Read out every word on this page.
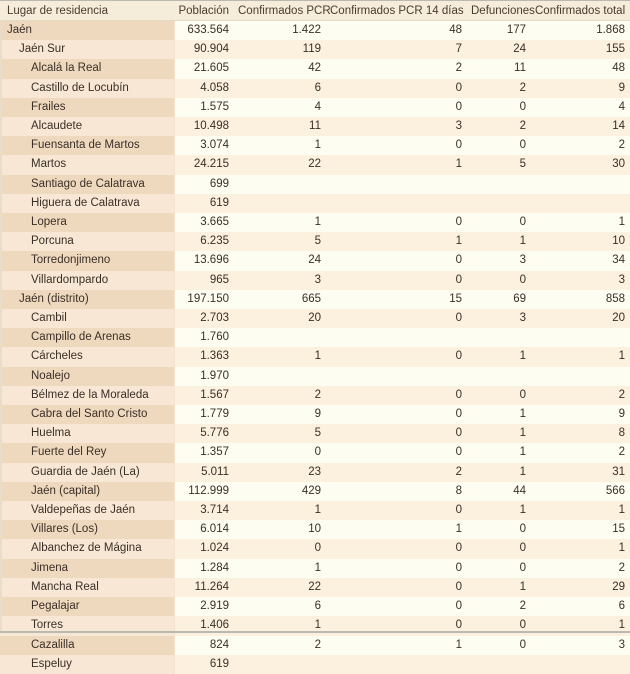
Lugar de residencia	Población	Confirmados PCR	Confirmados PCR 14 días	Defunciones	Confirmados total
Jaén	633.564	1.422	48	177	1.868
Jaén Sur	90.904	119	7	24	155
Alcalá la Real	21.605	42	2	11	48
Castillo de Locubín	4.058	6	0	2	9
Frailes	1.575	4	0	0	4
Alcaudete	10.498	11	3	2	14
Fuensanta de Martos	3.074	1	0	0	2
Martos	24.215	22	1	5	30
Santiago de Calatrava	699				
Higuera de Calatrava	619				
Lopera	3.665	1	0	0	1
Porcuna	6.235	5	1	1	10
Torredonjimeno	13.696	24	0	3	34
Villardompardo	965	3	0	0	3
Jaén (distrito)	197.150	665	15	69	858
Cambil	2.703	20	0	3	20
Campillo de Arenas	1.760				
Cárcheles	1.363	1	0	1	1
Noalejo	1.970				
Bélmez de la Moraleda	1.567	2	0	0	2
Cabra del Santo Cristo	1.779	9	0	1	9
Huelma	5.776	5	0	1	8
Fuerte del Rey	1.357	0	0	1	2
Guardia de Jaén (La)	5.011	23	2	1	31
Jaén (capital)	112.999	429	8	44	566
Valdepeñas de Jaén	3.714	1	0	1	1
Villares (Los)	6.014	10	1	0	15
Albanchez de Mágina	1.024	0	0	0	1
Jimena	1.284	1	0	0	2
Mancha Real	11.264	22	0	1	29
Pegalajar	2.919	6	0	2	6
Torres	1.406	1	0	0	1
Cazalilla	824	2	1	0	3
Espeluy	619				
